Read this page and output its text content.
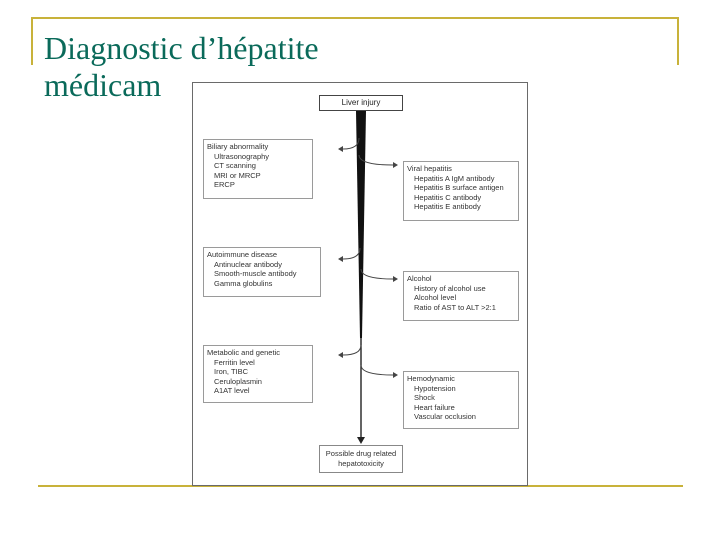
Diagnostic d’hépatite
médicam	Liver injury
Biliary abnormality
Ultrasonography
CT scanning
MRI or MRCP
ERCP
Autoimmune disease
Antinuclear antibody
Smooth-muscle antibody
Gamma globulins
Metabolic and genetic
Ferritin level
Iron, TIBC
Ceruloplasmin
A1AT level
Viral hepatitis
Hepatitis A IgM antibody
Hepatitis B surface antigen
Hepatitis C antibody
Hepatitis E antibody
Alcohol
History of alcohol use
Alcohol level
Ratio of AST to ALT >2:1
Hemodynamic
Hypotension
Shock
Heart failure
Vascular occlusion
Possible drug related
hepatotoxicity
